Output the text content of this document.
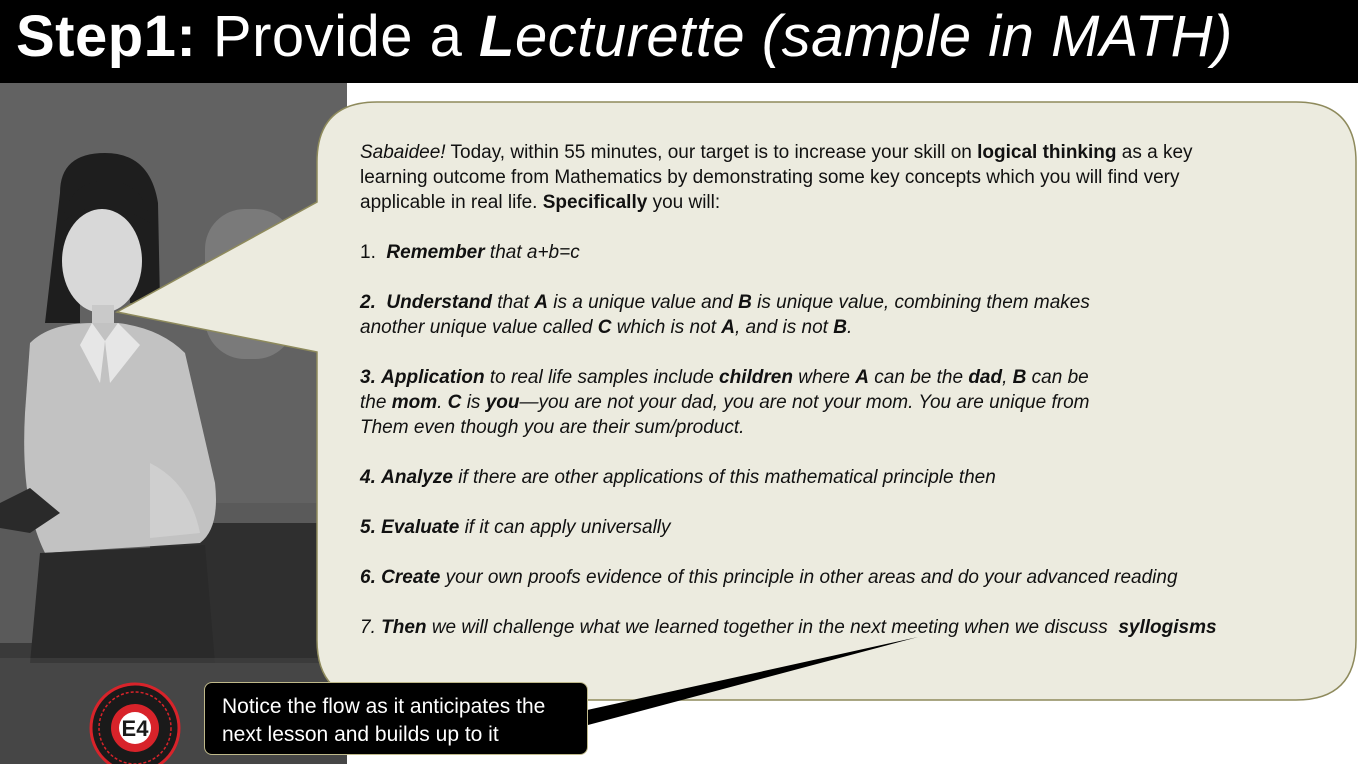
Step1: Provide a Lecturette (sample in MATH)

Sabaidee! Today, within 55 minutes, our target is to increase your skill on logical thinking as a key

learning outcome from Mathematics by demonstrating some key concepts which you will find very

applicable in real life. Specifically you will:

1. Remember that a+b=c

2. Understand that A is a unique value and B is unique value, combining them makes

another unique value called C which is not A, and is not B.

3. Application to real life samples include children where A can be the dad, B can be

the mom. C is you—you are not your dad, you are not your mom. You are unique from

Them even though you are their sum/product.

4. Analyze if there are other applications of this mathematical principle then

5. Evaluate if it can apply universally

6. Create your own proofs evidence of this principle in other areas and do your advanced reading

7. Then we will challenge what we learned together in the next meeting when we discuss syllogisms

E4
Notice the flow as it anticipates the
next lesson and builds up to it
